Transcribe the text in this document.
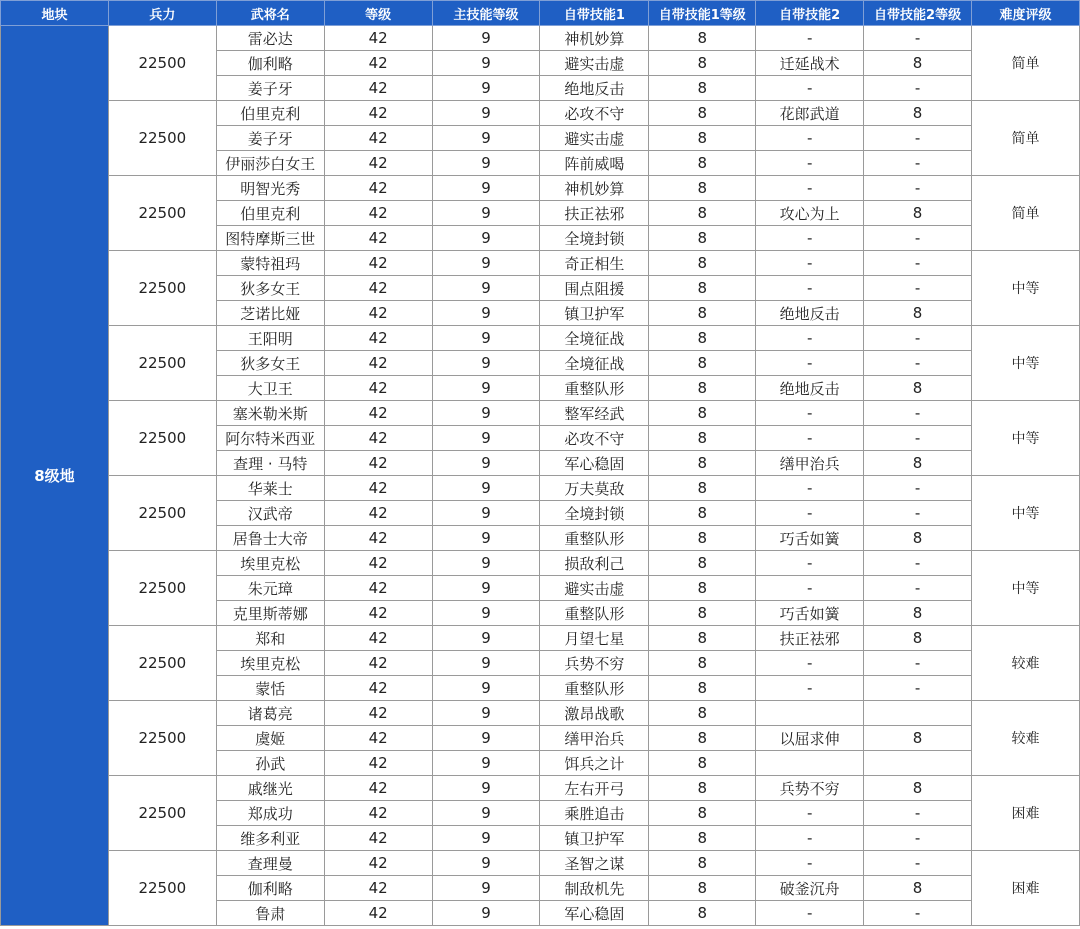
地块	兵力	武将名	等级	主技能等级	自带技能1	自带技能1等级	自带技能2	自带技能2等级	难度评级
8级地	22500	雷必达	42	9	神机妙算	8	-	-	简单
		伽利略	42	9	避实击虚	8	迁延战术	8	
		姜子牙	42	9	绝地反击	8	-	-	
	22500	伯里克利	42	9	必攻不守	8	花郎武道	8	简单
		姜子牙	42	9	避实击虚	8	-	-	
		伊丽莎白女王	42	9	阵前威喝	8	-	-	
	22500	明智光秀	42	9	神机妙算	8	-	-	简单
		伯里克利	42	9	扶正祛邪	8	攻心为上	8	
		图特摩斯三世	42	9	全境封锁	8	-	-	
	22500	蒙特祖玛	42	9	奇正相生	8	-	-	中等
		狄多女王	42	9	围点阻援	8	-	-	
		芝诺比娅	42	9	镇卫护军	8	绝地反击	8	
	22500	王阳明	42	9	全境征战	8	-	-	中等
		狄多女王	42	9	全境征战	8	-	-	
		大卫王	42	9	重整队形	8	绝地反击	8	
	22500	塞米勒米斯	42	9	整军经武	8	-	-	中等
		阿尔特米西亚	42	9	必攻不守	8	-	-	
		查理 · 马特	42	9	军心稳固	8	缮甲治兵	8	
	22500	华莱士	42	9	万夫莫敌	8	-	-	中等
		汉武帝	42	9	全境封锁	8	-	-	
		居鲁士大帝	42	9	重整队形	8	巧舌如簧	8	
	22500	埃里克松	42	9	损敌利己	8	-	-	中等
		朱元璋	42	9	避实击虚	8	-	-	
		克里斯蒂娜	42	9	重整队形	8	巧舌如簧	8	
	22500	郑和	42	9	月望七星	8	扶正祛邪	8	较难
		埃里克松	42	9	兵势不穷	8	-	-	
		蒙恬	42	9	重整队形	8	-	-	
	22500	诸葛亮	42	9	激昂战歌	8			较难
		虞姬	42	9	缮甲治兵	8	以屈求伸	8	
		孙武	42	9	饵兵之计	8			
	22500	戚继光	42	9	左右开弓	8	兵势不穷	8	困难
		郑成功	42	9	乘胜追击	8	-	-	
		维多利亚	42	9	镇卫护军	8	-	-	
	22500	查理曼	42	9	圣智之谋	8	-	-	困难
		伽利略	42	9	制敌机先	8	破釜沉舟	8	
		鲁肃	42	9	军心稳固	8	-	-	
